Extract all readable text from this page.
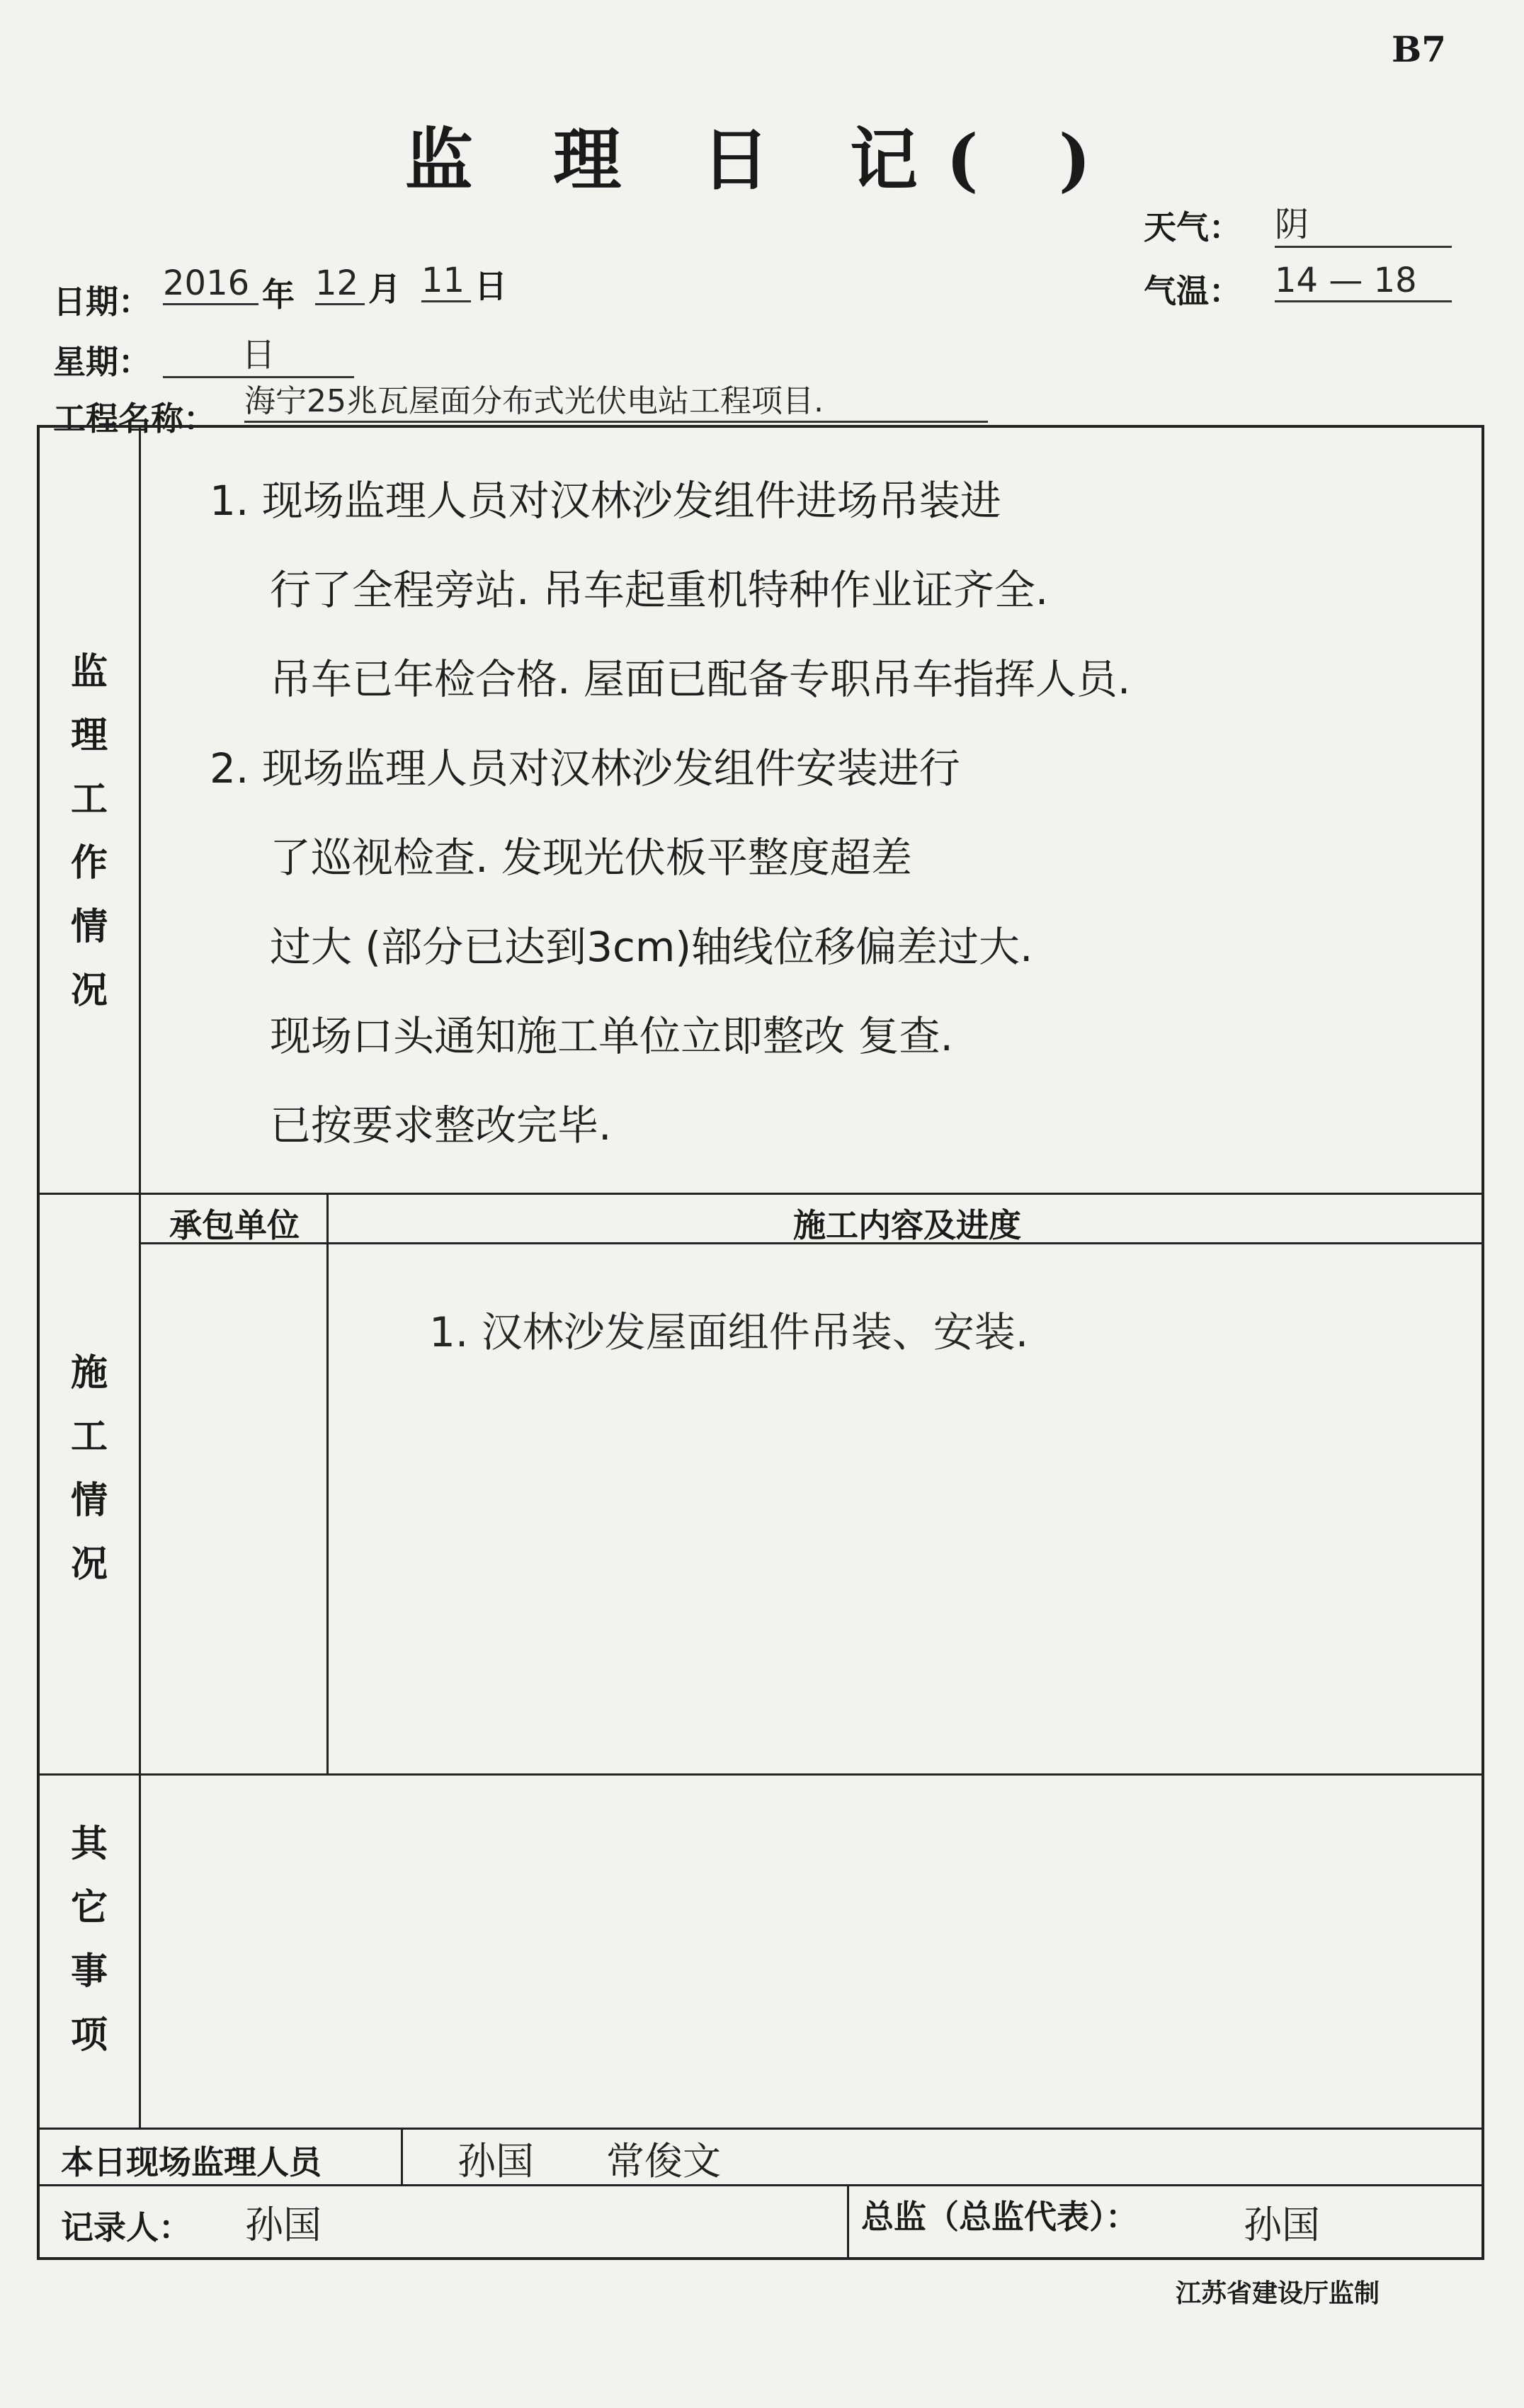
B7
监 理 日 记( )
天气： 阴
气温： 14 — 18
日期： 2016 年 12 月 11 日
星期：	日
工程名称： 海宁25兆瓦屋面分布式光伏电站工程项目.
监理工作情况

1. 现场监理人员对汉林沙发组件进场吊装进

行了全程旁站. 吊车起重机特种作业证齐全.

吊车已年检合格. 屋面已配备专职吊车指挥人员.

2. 现场监理人员对汉林沙发组件安装进行

了巡视检查. 发现光伏板平整度超差

过大 (部分已达到3cm)轴线位移偏差过大.

现场口头通知施工单位立即整改 复查.

已按要求整改完毕.

施工情况
承包单位	施工内容及进度
1. 汉林沙发屋面组件吊装、安装.
其它事项
本日现场监理人员	孙国 常俊文
记录人： 孙国	总监（总监代表）：	孙国
江苏省建设厅监制
